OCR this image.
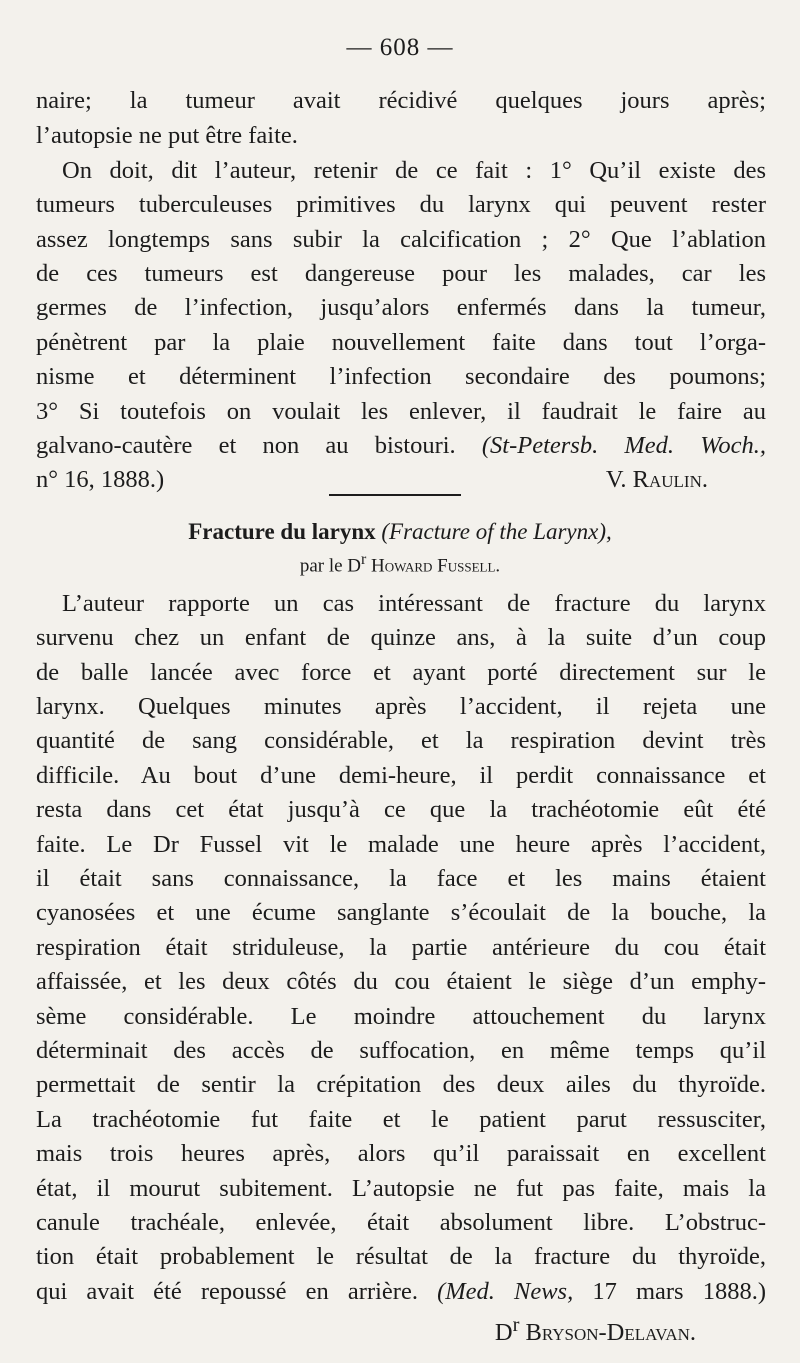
— 608 —
naire; la tumeur avait récidivé quelques jours après;
l’autopsie ne put être faite.
On doit, dit l’auteur, retenir de ce fait : 1° Qu’il existe des
tumeurs tuberculeuses primitives du larynx qui peuvent rester
assez longtemps sans subir la calcification ; 2° Que l’ablation
de ces tumeurs est dangereuse pour les malades, car les
germes de l’infection, jusqu’alors enfermés dans la tumeur,
pénètrent par la plaie nouvellement faite dans tout l’orga-
nisme et déterminent l’infection secondaire des poumons;
3° Si toutefois on voulait les enlever, il faudrait le faire au
galvano-cautère et non au bistouri. (St-Petersb. Med. Woch.,
n° 16, 1888.)	V. Raulin.
Fracture du larynx (Fracture of the Larynx),
par le $D^r$ Howard Fussell.
L’auteur rapporte un cas intéressant de fracture du larynx
survenu chez un enfant de quinze ans, à la suite d’un coup
de balle lancée avec force et ayant porté directement sur le
larynx. Quelques minutes après l’accident, il rejeta une
quantité de sang considérable, et la respiration devint très
difficile. Au bout d’une demi-heure, il perdit connaissance et
resta dans cet état jusqu’à ce que la trachéotomie eût été
faite. Le Dr Fussel vit le malade une heure après l’accident,
il était sans connaissance, la face et les mains étaient
cyanosées et une écume sanglante s’écoulait de la bouche, la
respiration était striduleuse, la partie antérieure du cou était
affaissée, et les deux côtés du cou étaient le siège d’un emphy-
sème considérable. Le moindre attouchement du larynx
déterminait des accès de suffocation, en même temps qu’il
permettait de sentir la crépitation des deux ailes du thyroïde.
La trachéotomie fut faite et le patient parut ressusciter,
mais trois heures après, alors qu’il paraissait en excellent
état, il mourut subitement. L’autopsie ne fut pas faite, mais la
canule trachéale, enlevée, était absolument libre. L’obstruc-
tion était probablement le résultat de la fracture du thyroïde,
qui avait été repoussé en arrière. (Med. News, 17 mars 1888.)
$D^r$ Bryson-Delavan.
